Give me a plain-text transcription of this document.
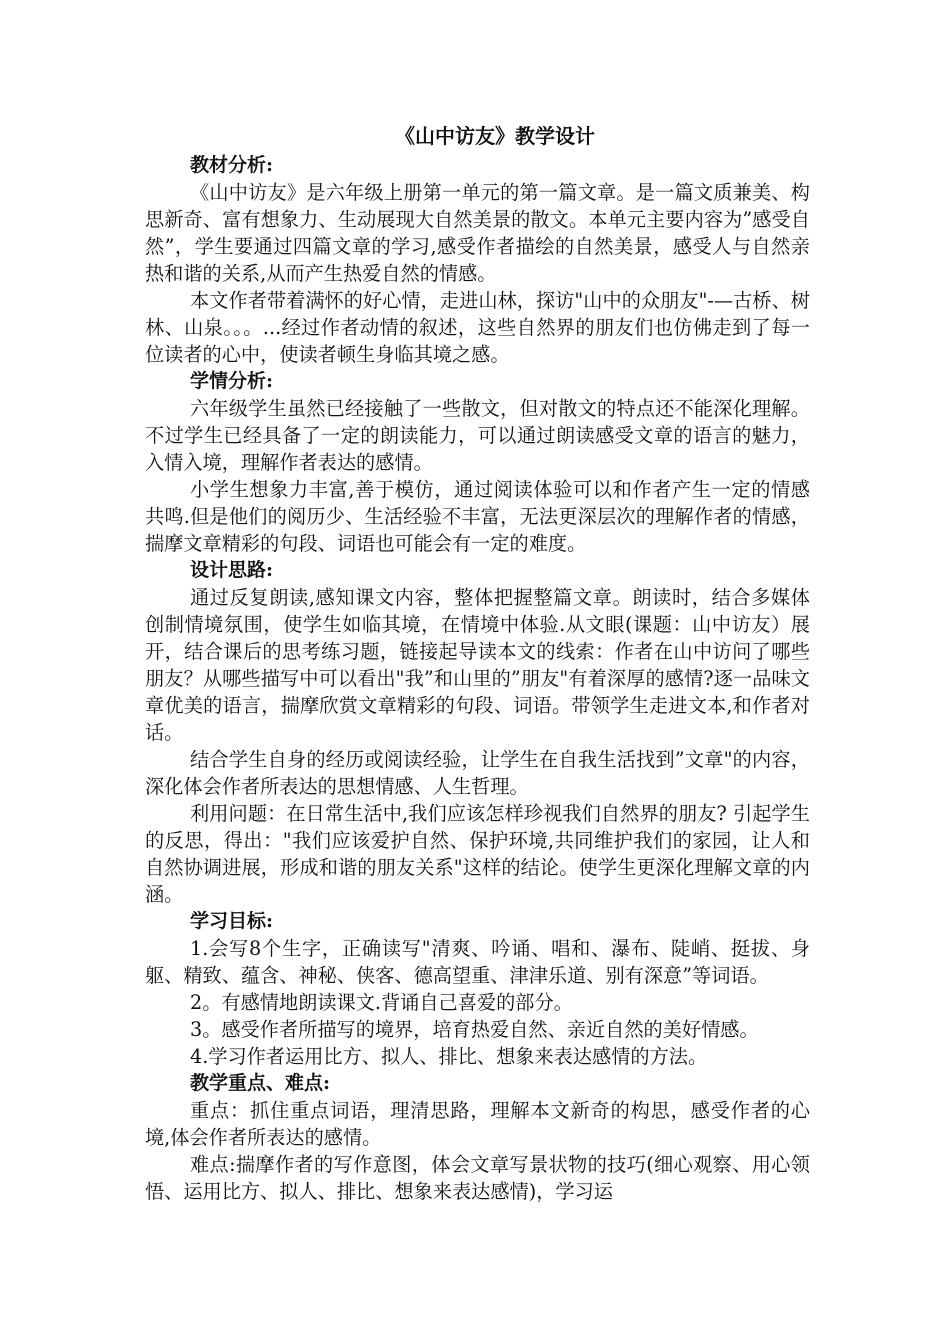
《山中访友》教学设计
教材分析:

《山中访友》是六年级上册第一单元的第一篇文章。是一篇文质兼美、构思新奇、富有想象力、生动展现大自然美景的散文。本单元主要内容为”感受自然”，学生要通过四篇文章的学习,感受作者描绘的自然美景，感受人与自然亲热和谐的关系,从而产生热爱自然的情感。

本文作者带着满怀的好心情，走进山林，探访"山中的众朋友"-—古桥、树林、山泉。。。...经过作者动情的叙述，这些自然界的朋友们也仿佛走到了每一位读者的心中，使读者顿生身临其境之感。

学情分析:

六年级学生虽然已经接触了一些散文，但对散文的特点还不能深化理解。不过学生已经具备了一定的朗读能力，可以通过朗读感受文章的语言的魅力，入情入境，理解作者表达的感情。

小学生想象力丰富,善于模仿，通过阅读体验可以和作者产生一定的情感共鸣.但是他们的阅历少、生活经验不丰富，无法更深层次的理解作者的情感，揣摩文章精彩的句段、词语也可能会有一定的难度。

设计思路:

通过反复朗读,感知课文内容，整体把握整篇文章。朗读时，结合多媒体创制情境氛围，使学生如临其境，在情境中体验.从文眼(课题：山中访友）展开，结合课后的思考练习题，链接起导读本文的线索：作者在山中访问了哪些朋友？从哪些描写中可以看出"我”和山里的”朋友"有着深厚的感情?逐一品味文章优美的语言，揣摩欣赏文章精彩的句段、词语。带领学生走进文本,和作者对话。

结合学生自身的经历或阅读经验，让学生在自我生活找到”文章"的内容，深化体会作者所表达的思想情感、人生哲理。

利用问题：在日常生活中,我们应该怎样珍视我们自然界的朋友? 引起学生的反思，得出："我们应该爱护自然、保护环境,共同维护我们的家园，让人和自然协调进展，形成和谐的朋友关系"这样的结论。使学生更深化理解文章的内涵。

学习目标:

1.会写8个生字，正确读写"清爽、吟诵、唱和、瀑布、陡峭、挺拔、身躯、精致、蕴含、神秘、侠客、德高望重、津津乐道、别有深意”等词语。

2。有感情地朗读课文.背诵自己喜爱的部分。

3。感受作者所描写的境界，培育热爱自然、亲近自然的美好情感。

4.学习作者运用比方、拟人、排比、想象来表达感情的方法。

教学重点、难点:

重点：抓住重点词语，理清思路，理解本文新奇的构思，感受作者的心境,体会作者所表达的感情。

难点:揣摩作者的写作意图，体会文章写景状物的技巧(细心观察、用心领悟、运用比方、拟人、排比、想象来表达感情)，学习运
